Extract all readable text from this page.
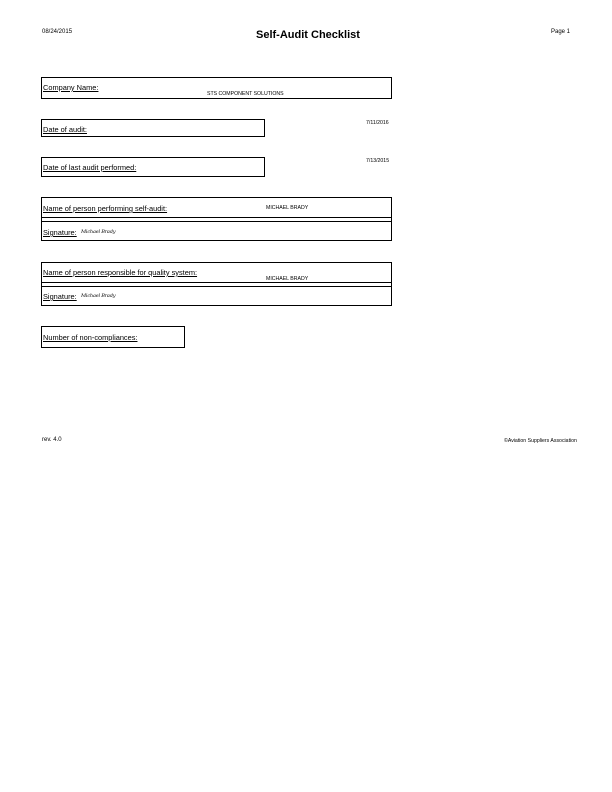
08/24/2015	Self-Audit Checklist	Page 1
Company Name:
STS COMPONENT SOLUTIONS
Date of audit:
7/11/2016
Date of last audit performed:
7/13/2015
Name of person performing self-audit:	MICHAEL BRADY
Signature: Michael Brady
Name of person responsible for quality system:
MICHAEL BRADY
Signature: Michael Brady
Number of non-compliances:
rev. 4.0	©Aviation Suppliers Association
